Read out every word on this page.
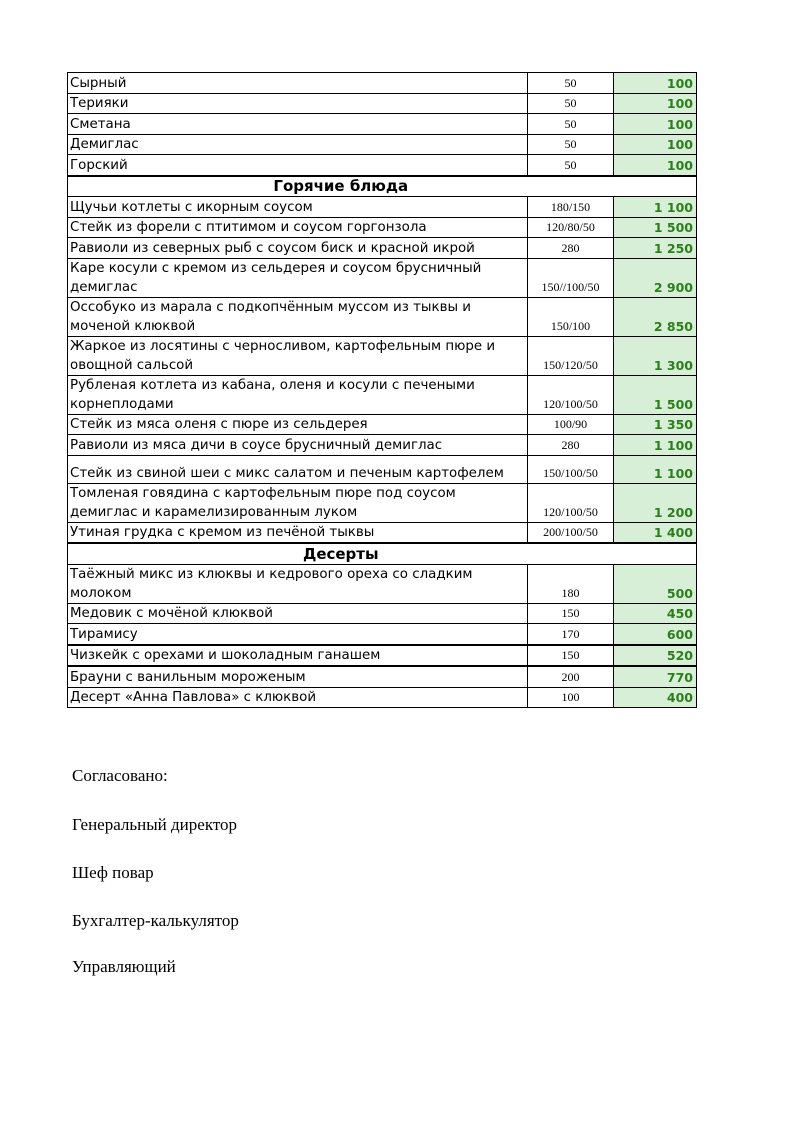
Сырный	50	100
Терияки	50	100
Сметана	50	100
Демиглас	50	100
Горский	50	100
Горячие блюда		
Щучьи котлеты с икорным соусом	180/150	1 100
Стейк из форели с птитимом и соусом горгонзола	120/80/50	1 500
Равиоли из северных рыб с соусом биск и красной икрой	280	1 250
Каре косули с кремом из сельдерея и соусом брусничный демиглас	150//100/50	2 900
Оссобуко из марала с подкопчённым муссом из тыквы и моченой клюквой	150/100	2 850
Жаркое из лосятины с черносливом, картофельным пюре и овощной сальсой	150/120/50	1 300
Рубленая котлета из кабана, оленя и косули с печеными корнеплодами	120/100/50	1 500
Стейк из мяса оленя с пюре из сельдерея	100/90	1 350
Равиоли из мяса дичи в соусе брусничный демиглас	280	1 100
Стейк из свиной шеи с микс салатом и печеным картофелем	150/100/50	1 100
Томленая говядина с картофельным пюре под соусом демиглас и карамелизированным луком	120/100/50	1 200
Утиная грудка с кремом из печёной тыквы	200/100/50	1 400
Десерты		
Таёжный микс из клюквы и кедрового ореха со сладким молоком	180	500
Медовик с мочёной клюквой	150	450
Тирамису	170	600
Чизкейк с орехами и шоколадным ганашем	150	520
Брауни с ванильным мороженым	200	770
Десерт «Анна Павлова» с клюквой	100	400
Согласовано:
Генеральный директор
Шеф повар
Бухгалтер-калькулятор
Управляющий
